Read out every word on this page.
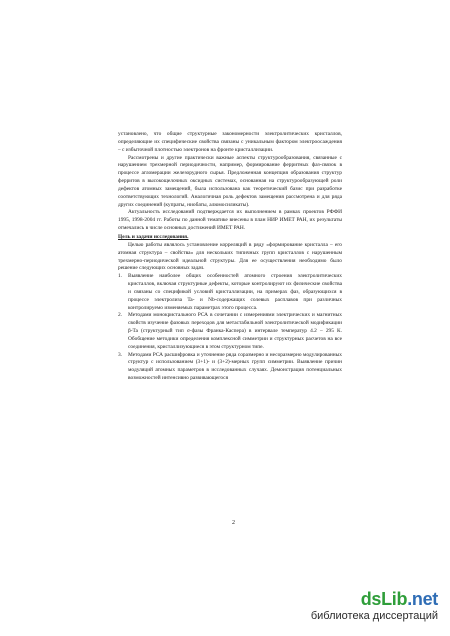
установлено, что общие структурные закономерности электролитических кристаллов, определяющие их специфические свойства связаны с уникальным фактором электроосаждения – с избыточной плотностью электронов на фронте кристаллизации.

Рассмотрены и другие практически важные аспекты структурообразования, связанные с нарушением трехмерной периодичности, например, формирование ферритных фаз-связок в процессе агломерации железорудного сырья. Предложенная концепция образования структур ферритов в высокощелочных оксидных системах, основанная на структурообразующей роли дефектов атомных замещений, была использована как теоретический базис при разработке соответствующих технологий. Аналогичная роль дефектов замещения рассмотрена и для ряда других соединений (купраты, ниобаты, алюмосиликаты).

Актуальность исследований подтверждается их выполнением в рамках проектов РФФИ 1995, 1998-2004 гг. Работы по данной тематике внесены в план НИР ИМЕТ РАН, их результаты отмечались в числе основных достижений ИМЕТ РАН.

Цель и задачи исследования.

Целью работы являлось установление корреляций в ряду «формирование кристалла – его атомная структура – свойства» для нескольких типичных групп кристаллов с нарушенным трехмерно-периодической идеальной структуры. Для ее осуществления необходимо было решение следующих основных задач.

1. Выявление наиболее общих особенностей атомного строения электролитических кристаллов, включая структурные дефекты, которые контролируют их физические свойства и связаны со спецификой условий кристаллизации, на примерах фаз, образующихся в процессе электролиза Ta- и Nb-содержащих солевых расплавов при различных контролируемо изменяемых параметрах этого процесса.
2. Методами монокристального РСА в сочетании с измерениями электрических и магнитных свойств изучение фазовых переходов для метастабильной электролитической модификации β-Ta (структурный тип σ-фазы Франка-Каспера) в интервале температур 4.2 – 295 К. Обобщение методики определения комплексной симметрии и структурных расчетов на все соединения, кристаллизующиеся в этом структурном типе.
3. Методами РСА расшифровка и уточнение ряда соразмерно и несоразмерно модулированных структур с использованием (3+1)- и (3+2)-мерных групп симметрии. Выявление причин модуляций атомных параметров в исследованных случаях. Демонстрация потенциальных возможностей интенсивно развивающегося
2
dsLib.net
библиотека диссертаций
